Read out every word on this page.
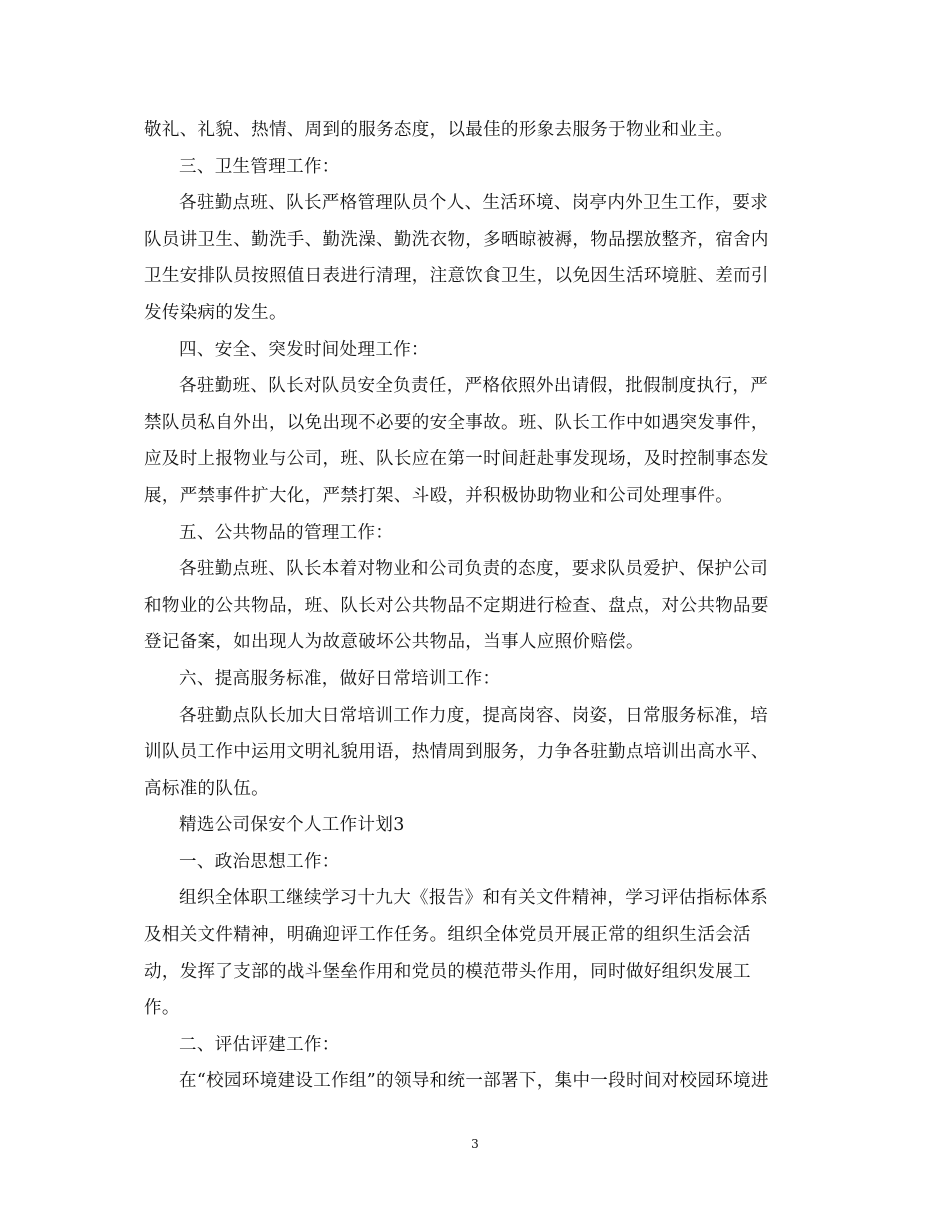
敬礼、礼貌、热情、周到的服务态度，以最佳的形象去服务于物业和业主。
三、卫生管理工作：
各驻勤点班、队长严格管理队员个人、生活环境、岗亭内外卫生工作，要求
队员讲卫生、勤洗手、勤洗澡、勤洗衣物，多晒晾被褥，物品摆放整齐，宿舍内
卫生安排队员按照值日表进行清理，注意饮食卫生，以免因生活环境脏、差而引
发传染病的发生。
四、安全、突发时间处理工作：
各驻勤班、队长对队员安全负责任，严格依照外出请假，批假制度执行，严
禁队员私自外出，以免出现不必要的安全事故。班、队长工作中如遇突发事件，
应及时上报物业与公司，班、队长应在第一时间赶赴事发现场，及时控制事态发
展，严禁事件扩大化，严禁打架、斗殴，并积极协助物业和公司处理事件。
五、公共物品的管理工作：
各驻勤点班、队长本着对物业和公司负责的态度，要求队员爱护、保护公司
和物业的公共物品，班、队长对公共物品不定期进行检查、盘点，对公共物品要
登记备案，如出现人为故意破坏公共物品，当事人应照价赔偿。
六、提高服务标准，做好日常培训工作：
各驻勤点队长加大日常培训工作力度，提高岗容、岗姿，日常服务标准，培
训队员工作中运用文明礼貌用语，热情周到服务，力争各驻勤点培训出高水平、
高标准的队伍。
精选公司保安个人工作计划3
一、政治思想工作：
组织全体职工继续学习十九大《报告》和有关文件精神，学习评估指标体系
及相关文件精神，明确迎评工作任务。组织全体党员开展正常的组织生活会活
动，发挥了支部的战斗堡垒作用和党员的模范带头作用，同时做好组织发展工
作。
二、评估评建工作：
在“校园环境建设工作组”的领导和统一部署下，集中一段时间对校园环境进
3
